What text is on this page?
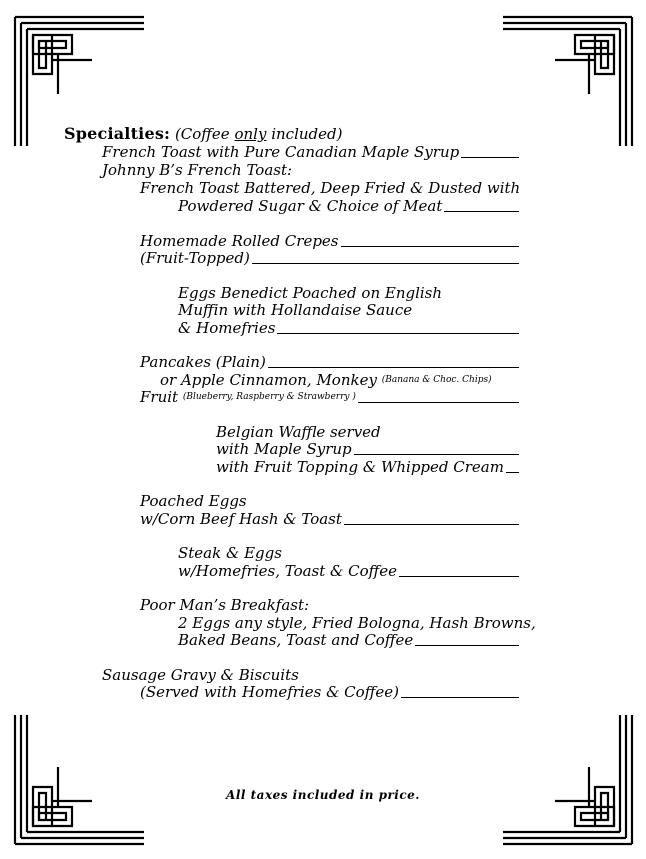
Specialties:
(Coffee
only
included)
French Toast with Pure Canadian Maple Syrup
Johnny B’s French Toast:
French Toast Battered, Deep Fried & Dusted with
Powdered Sugar & Choice of Meat
Homemade Rolled Crepes
(Fruit-Topped)
Eggs Benedict Poached on English
Muffin with Hollandaise Sauce
& Homefries
Pancakes (Plain)
or Apple Cinnamon, Monkey
(Banana & Choc. Chips)
Fruit
(Blueberry, Raspberry & Strawberry )
Belgian Waffle served
with Maple Syrup
with Fruit Topping & Whipped Cream
Poached Eggs
w/Corn Beef Hash & Toast
Steak & Eggs
w/Homefries, Toast & Coffee
Poor Man’s Breakfast:
2 Eggs any style, Fried Bologna, Hash Browns,
Baked Beans, Toast and Coffee
Sausage Gravy & Biscuits
(Served with Homefries & Coffee)
All taxes included in price.
